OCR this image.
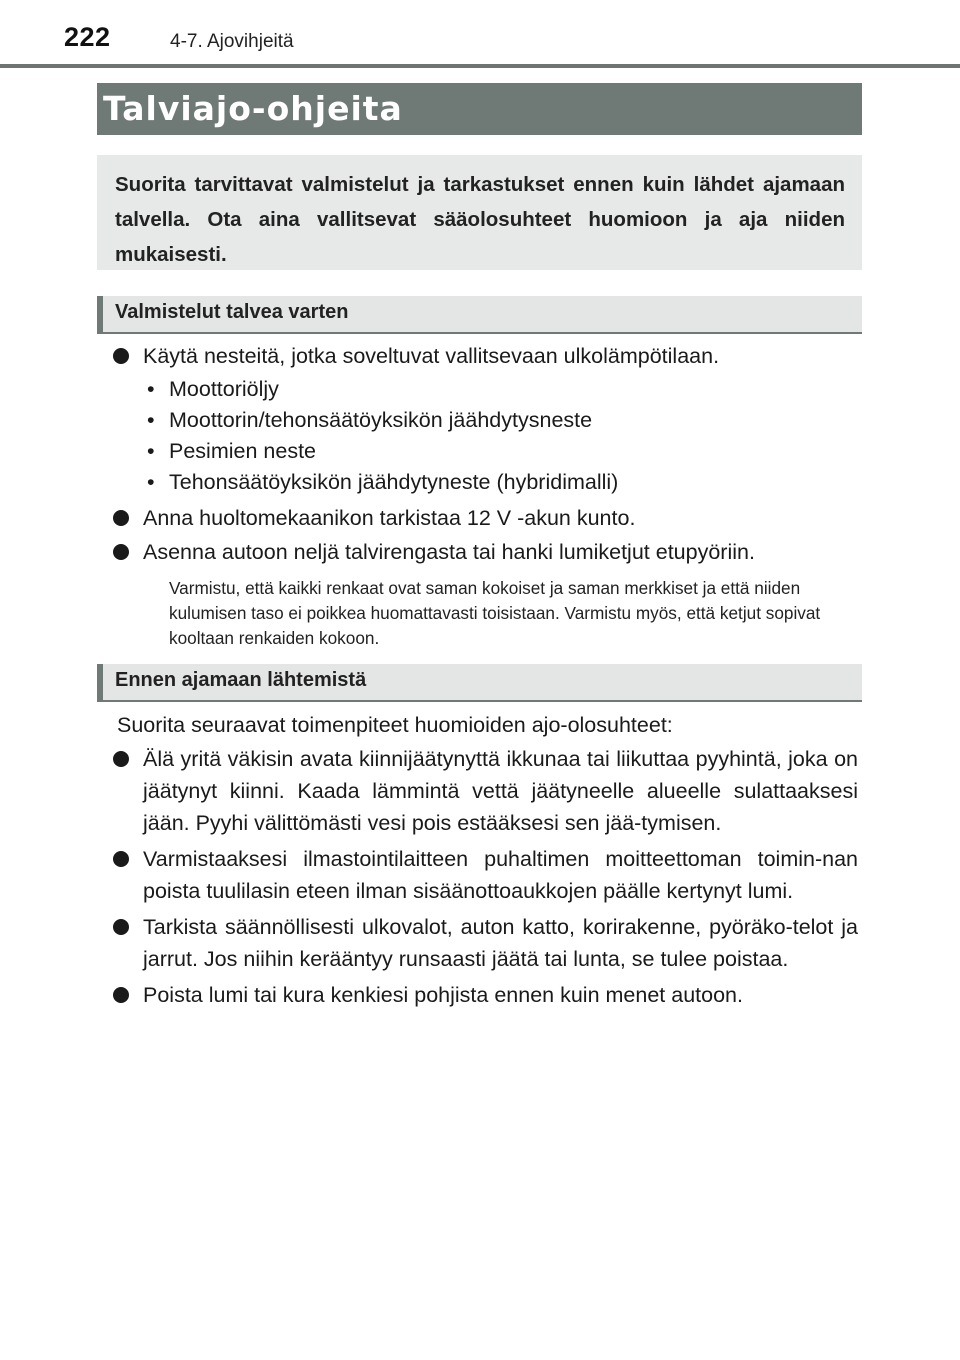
222	4-7. Ajovihjeitä
Talviajo-ohjeita

Suorita tarvittavat valmistelut ja tarkastukset ennen kuin lähdet ajamaan talvella. Ota aina vallitsevat sääolosuhteet huomioon ja aja niiden mukaisesti.

Valmistelut talvea varten

Käytä nesteitä, jotka soveltuvat vallitsevaan ulkolämpötilaan.

• Moottoriöljy

• Moottorin/tehonsäätöyksikön jäähdytysneste

• Pesimien neste

• Tehonsäätöyksikön jäähdytyneste (hybridimalli)

Anna huoltomekaanikon tarkistaa 12 V -akun kunto.

Asenna autoon neljä talvirengasta tai hanki lumiketjut etupyöriin.

Varmistu, että kaikki renkaat ovat saman kokoiset ja saman merkkiset ja että niiden kulumisen taso ei poikkea huomattavasti toisistaan. Varmistu myös, että ketjut sopivat kooltaan renkaiden kokoon.

Ennen ajamaan lähtemistä

Suorita seuraavat toimenpiteet huomioiden ajo-olosuhteet:

Älä yritä väkisin avata kiinnijäätynyttä ikkunaa tai liikuttaa pyyhintä, joka on jäätynyt kiinni. Kaada lämmintä vettä jäätyneelle alueelle sulattaaksesi jään. Pyyhi välittömästi vesi pois estääksesi sen jää-tymisen.

Varmistaaksesi ilmastointilaitteen puhaltimen moitteettoman toimin-nan poista tuulilasin eteen ilman sisäänottoaukkojen päälle kertynyt lumi.

Tarkista säännöllisesti ulkovalot, auton katto, korirakenne, pyöräko-telot ja jarrut. Jos niihin kerääntyy runsaasti jäätä tai lunta, se tulee poistaa.

Poista lumi tai kura kenkiesi pohjista ennen kuin menet autoon.
